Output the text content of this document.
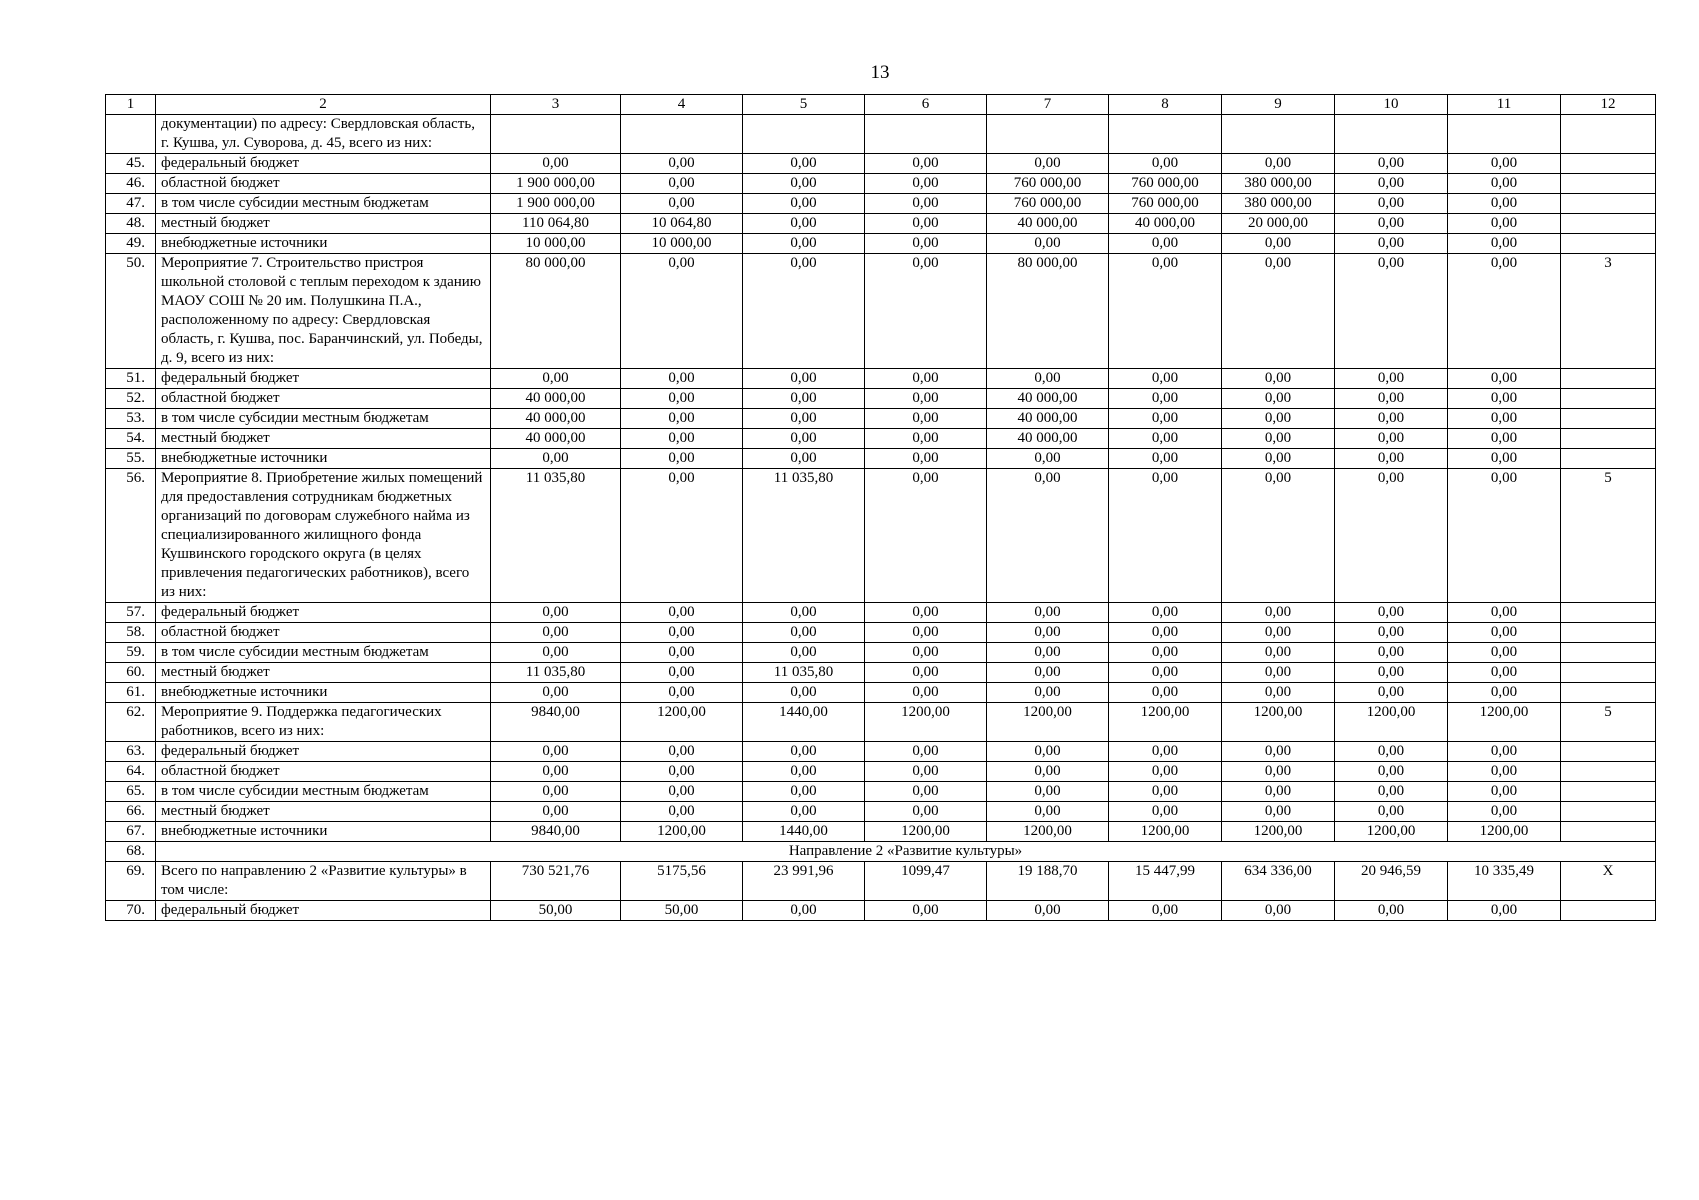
13
1	2	3	4	5	6	7	8	9	10	11	12
	документации) по адресу: Свердловская область, г. Кушва, ул. Суворова, д. 45, всего из них:										
45.	федеральный бюджет	0,00	0,00	0,00	0,00	0,00	0,00	0,00	0,00	0,00	
46.	областной бюджет	1 900 000,00	0,00	0,00	0,00	760 000,00	760 000,00	380 000,00	0,00	0,00	
47.	в том числе субсидии местным бюджетам	1 900 000,00	0,00	0,00	0,00	760 000,00	760 000,00	380 000,00	0,00	0,00	
48.	местный бюджет	110 064,80	10 064,80	0,00	0,00	40 000,00	40 000,00	20 000,00	0,00	0,00	
49.	внебюджетные источники	10 000,00	10 000,00	0,00	0,00	0,00	0,00	0,00	0,00	0,00	
50.	Мероприятие 7. Строительство пристроя школьной столовой с теплым переходом к зданию МАОУ СОШ № 20 им. Полушкина П.А., расположенному по адресу: Свердловская область, г. Кушва, пос. Баранчинский, ул. Победы, д. 9, всего из них:	80 000,00	0,00	0,00	0,00	80 000,00	0,00	0,00	0,00	0,00	3
51.	федеральный бюджет	0,00	0,00	0,00	0,00	0,00	0,00	0,00	0,00	0,00	
52.	областной бюджет	40 000,00	0,00	0,00	0,00	40 000,00	0,00	0,00	0,00	0,00	
53.	в том числе субсидии местным бюджетам	40 000,00	0,00	0,00	0,00	40 000,00	0,00	0,00	0,00	0,00	
54.	местный бюджет	40 000,00	0,00	0,00	0,00	40 000,00	0,00	0,00	0,00	0,00	
55.	внебюджетные источники	0,00	0,00	0,00	0,00	0,00	0,00	0,00	0,00	0,00	
56.	Мероприятие 8. Приобретение жилых помещений для предоставления сотрудникам бюджетных организаций по договорам служебного найма из специализированного жилищного фонда Кушвинского городского округа (в целях привлечения педагогических работников), всего из них:	11 035,80	0,00	11 035,80	0,00	0,00	0,00	0,00	0,00	0,00	5
57.	федеральный бюджет	0,00	0,00	0,00	0,00	0,00	0,00	0,00	0,00	0,00	
58.	областной бюджет	0,00	0,00	0,00	0,00	0,00	0,00	0,00	0,00	0,00	
59.	в том числе субсидии местным бюджетам	0,00	0,00	0,00	0,00	0,00	0,00	0,00	0,00	0,00	
60.	местный бюджет	11 035,80	0,00	11 035,80	0,00	0,00	0,00	0,00	0,00	0,00	
61.	внебюджетные источники	0,00	0,00	0,00	0,00	0,00	0,00	0,00	0,00	0,00	
62.	Мероприятие 9. Поддержка педагогических работников, всего из них:	9840,00	1200,00	1440,00	1200,00	1200,00	1200,00	1200,00	1200,00	1200,00	5
63.	федеральный бюджет	0,00	0,00	0,00	0,00	0,00	0,00	0,00	0,00	0,00	
64.	областной бюджет	0,00	0,00	0,00	0,00	0,00	0,00	0,00	0,00	0,00	
65.	в том числе субсидии местным бюджетам	0,00	0,00	0,00	0,00	0,00	0,00	0,00	0,00	0,00	
66.	местный бюджет	0,00	0,00	0,00	0,00	0,00	0,00	0,00	0,00	0,00	
67.	внебюджетные источники	9840,00	1200,00	1440,00	1200,00	1200,00	1200,00	1200,00	1200,00	1200,00	
68.	Направление 2 «Развитие культуры»										
69.	Всего по направлению 2 «Развитие культуры» в том числе:	730 521,76	5175,56	23 991,96	1099,47	19 188,70	15 447,99	634 336,00	20 946,59	10 335,49	Х
70.	федеральный бюджет	50,00	50,00	0,00	0,00	0,00	0,00	0,00	0,00	0,00	
